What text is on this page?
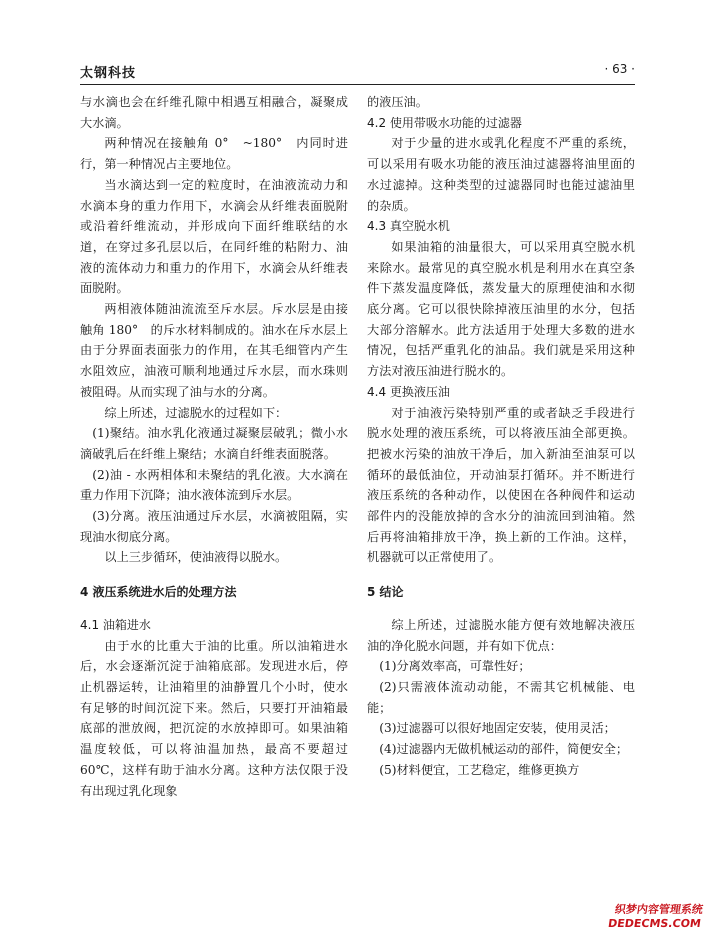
太钢科技	· 63 ·

与水滴也会在纤维孔隙中相遇互相融合，凝聚成大水滴。

两种情况在接触角 0°　~180°　内同时进行，第一种情况占主要地位。

当水滴达到一定的粒度时，在油液流动力和水滴本身的重力作用下，水滴会从纤维表面脱附或沿着纤维流动，并形成向下面纤维联结的水道，在穿过多孔层以后，在同纤维的粘附力、油液的流体动力和重力的作用下，水滴会从纤维表面脱附。

两相液体随油流流至斥水层。斥水层是由接触角 180°　的斥水材料制成的。油水在斥水层上由于分界面表面张力的作用，在其毛细管内产生水阻效应，油液可顺利地通过斥水层，而水珠则被阻碍。从而实现了油与水的分离。

综上所述，过滤脱水的过程如下：

(1)聚结。油水乳化液通过凝聚层破乳；微小水滴破乳后在纤维上聚结；水滴自纤维表面脱落。

(2)油 - 水两相体和未聚结的乳化液。大水滴在重力作用下沉降；油水液体流到斥水层。

(3)分离。液压油通过斥水层，水滴被阻隔，实现油水彻底分离。

以上三步循环，使油液得以脱水。

4 液压系统进水后的处理方法
4.1 油箱进水

由于水的比重大于油的比重。所以油箱进水后，水会逐渐沉淀于油箱底部。发现进水后，停止机器运转，让油箱里的油静置几个小时，使水有足够的时间沉淀下来。然后，只要打开油箱最底部的泄放阀，把沉淀的水放掉即可。如果油箱温度较低，可以将油温加热，最高不要超过 60℃，这样有助于油水分离。这种方法仅限于没有出现过乳化现象

的液压油。

4.2 使用带吸水功能的过滤器

对于少量的进水或乳化程度不严重的系统，可以采用有吸水功能的液压油过滤器将油里面的水过滤掉。这种类型的过滤器同时也能过滤油里的杂质。

4.3 真空脱水机

如果油箱的油量很大，可以采用真空脱水机来除水。最常见的真空脱水机是利用水在真空条件下蒸发温度降低，蒸发量大的原理使油和水彻底分离。它可以很快除掉液压油里的水分，包括大部分溶解水。此方法适用于处理大多数的进水情况，包括严重乳化的油品。我们就是采用这种方法对液压油进行脱水的。

4.4 更换液压油

对于油液污染特别严重的或者缺乏手段进行脱水处理的液压系统，可以将液压油全部更换。把被水污染的油放干净后，加入新油至油泵可以循环的最低油位，开动油泵打循环。并不断进行液压系统的各种动作，以使困在各种阀件和运动部件内的没能放掉的含水分的油流回到油箱。然后再将油箱排放干净，换上新的工作油。这样，机器就可以正常使用了。

5 结论

综上所述，过滤脱水能方便有效地解决液压油的净化脱水问题，并有如下优点：

(1)分离效率高，可靠性好；

(2)只需液体流动动能，不需其它机械能、电能；

(3)过滤器可以很好地固定安装，使用灵活；

(4)过滤器内无做机械运动的部件，简便安全；

(5)材料便宜，工艺稳定，维修更换方

织梦内容管理系统
DEDECMS.COM
